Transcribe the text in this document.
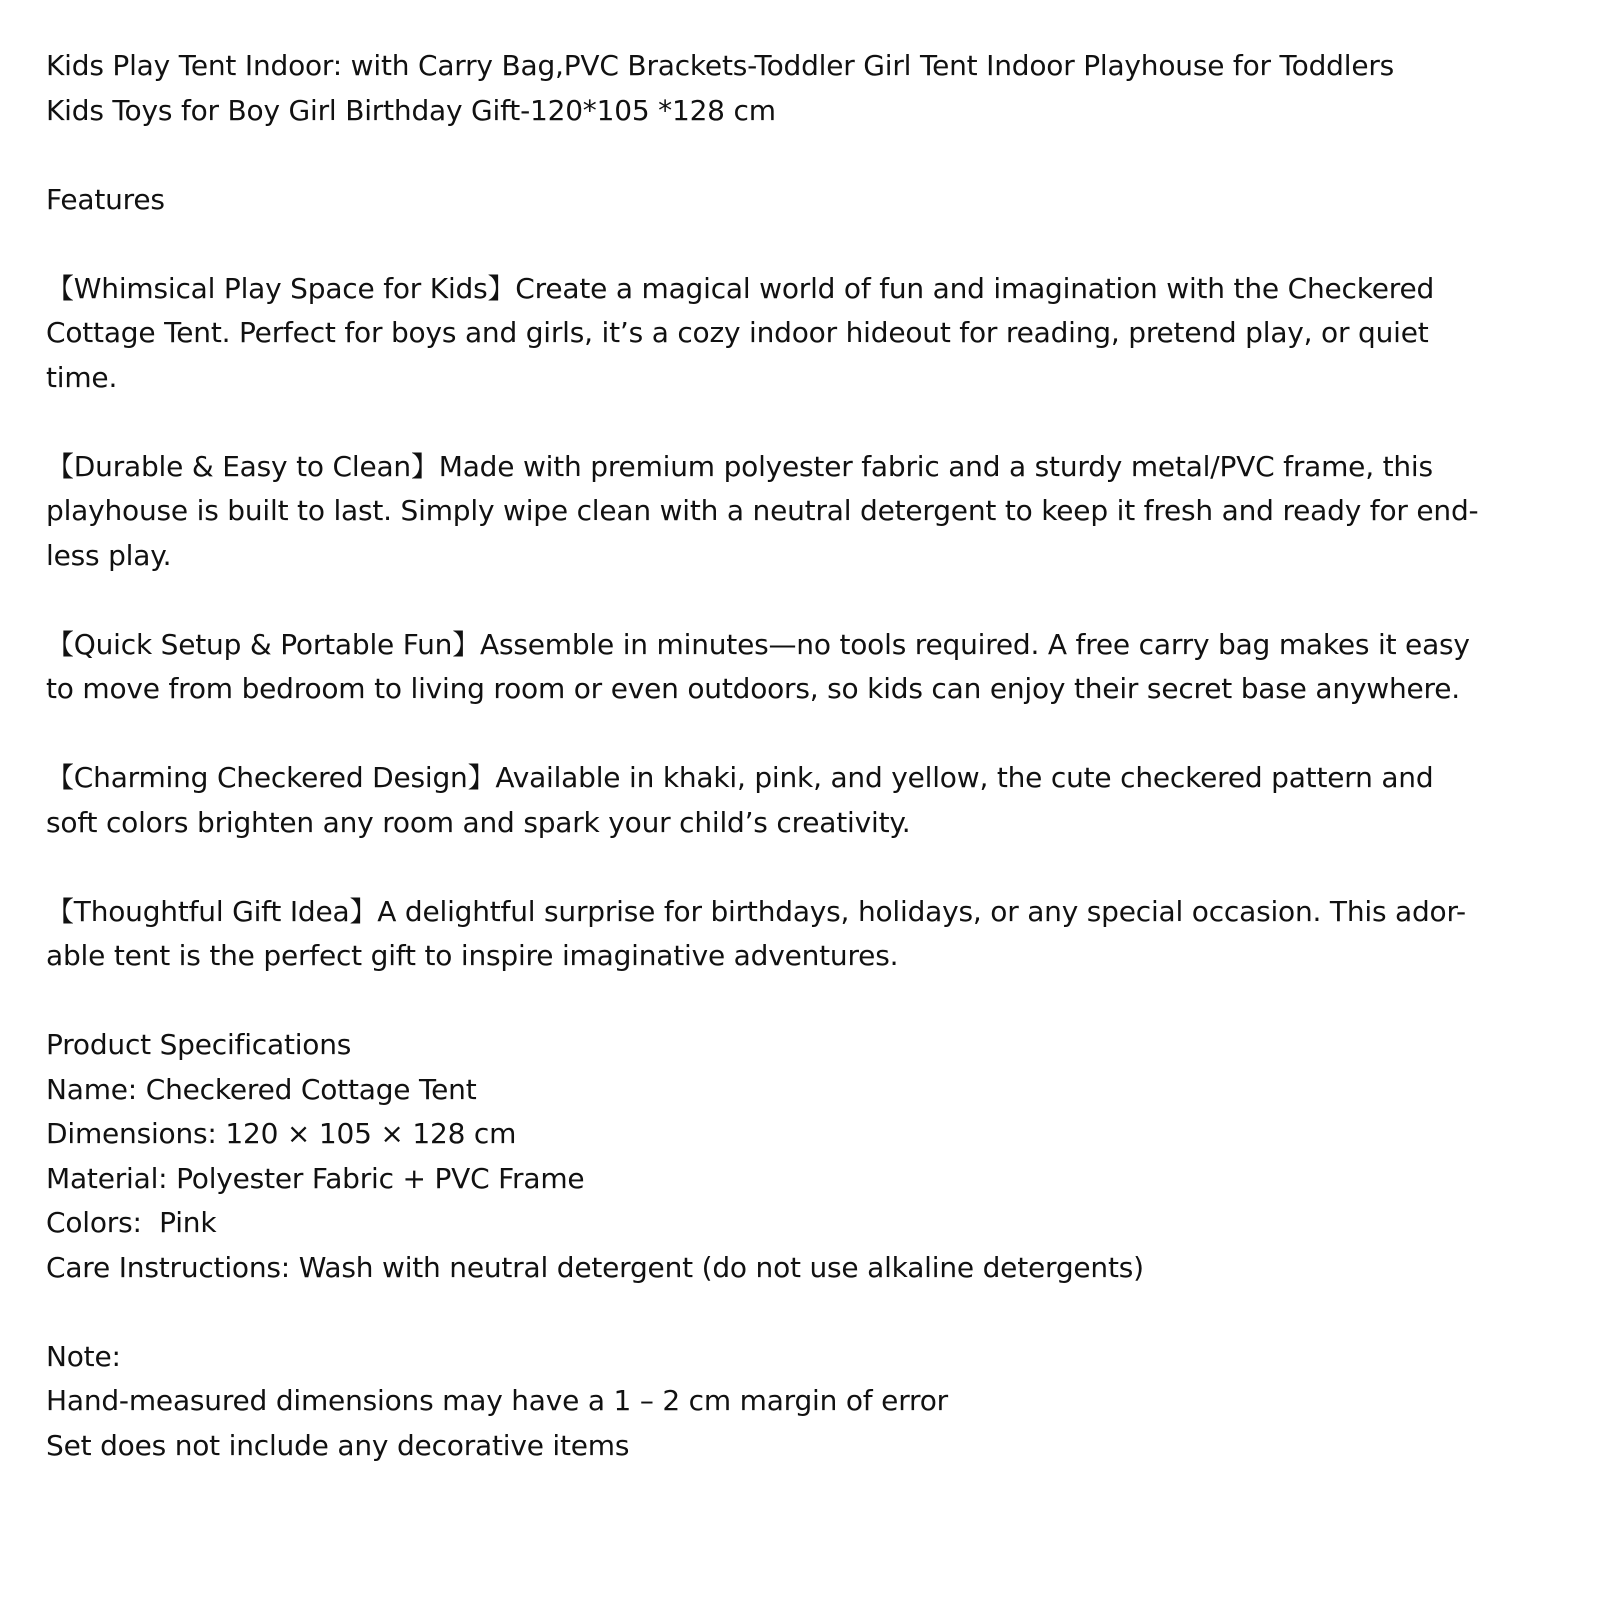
Kids Play Tent Indoor: with Carry Bag,PVC Brackets-Toddler Girl Tent Indoor Playhouse for Toddlers
Kids Toys for Boy Girl Birthday Gift-120*105 *128 cm
Features
【Whimsical Play Space for Kids】Create a magical world of fun and imagination with the Checkered
Cottage Tent. Perfect for boys and girls, it’s a cozy indoor hideout for reading, pretend play, or quiet
time.
【Durable & Easy to Clean】Made with premium polyester fabric and a sturdy metal/PVC frame, this
playhouse is built to last. Simply wipe clean with a neutral detergent to keep it fresh and ready for end-
less play.
【Quick Setup & Portable Fun】Assemble in minutes—no tools required. A free carry bag makes it easy
to move from bedroom to living room or even outdoors, so kids can enjoy their secret base anywhere.
【Charming Checkered Design】Available in khaki, pink, and yellow, the cute checkered pattern and
soft colors brighten any room and spark your child’s creativity.
【Thoughtful Gift Idea】A delightful surprise for birthdays, holidays, or any special occasion. This ador-
able tent is the perfect gift to inspire imaginative adventures.
Product Specifications
Name: Checkered Cottage Tent
Dimensions: 120 × 105 × 128 cm
Material: Polyester Fabric + PVC Frame
Colors:  Pink
Care Instructions: Wash with neutral detergent (do not use alkaline detergents)
Note:
Hand-measured dimensions may have a 1 – 2 cm margin of error
Set does not include any decorative items
